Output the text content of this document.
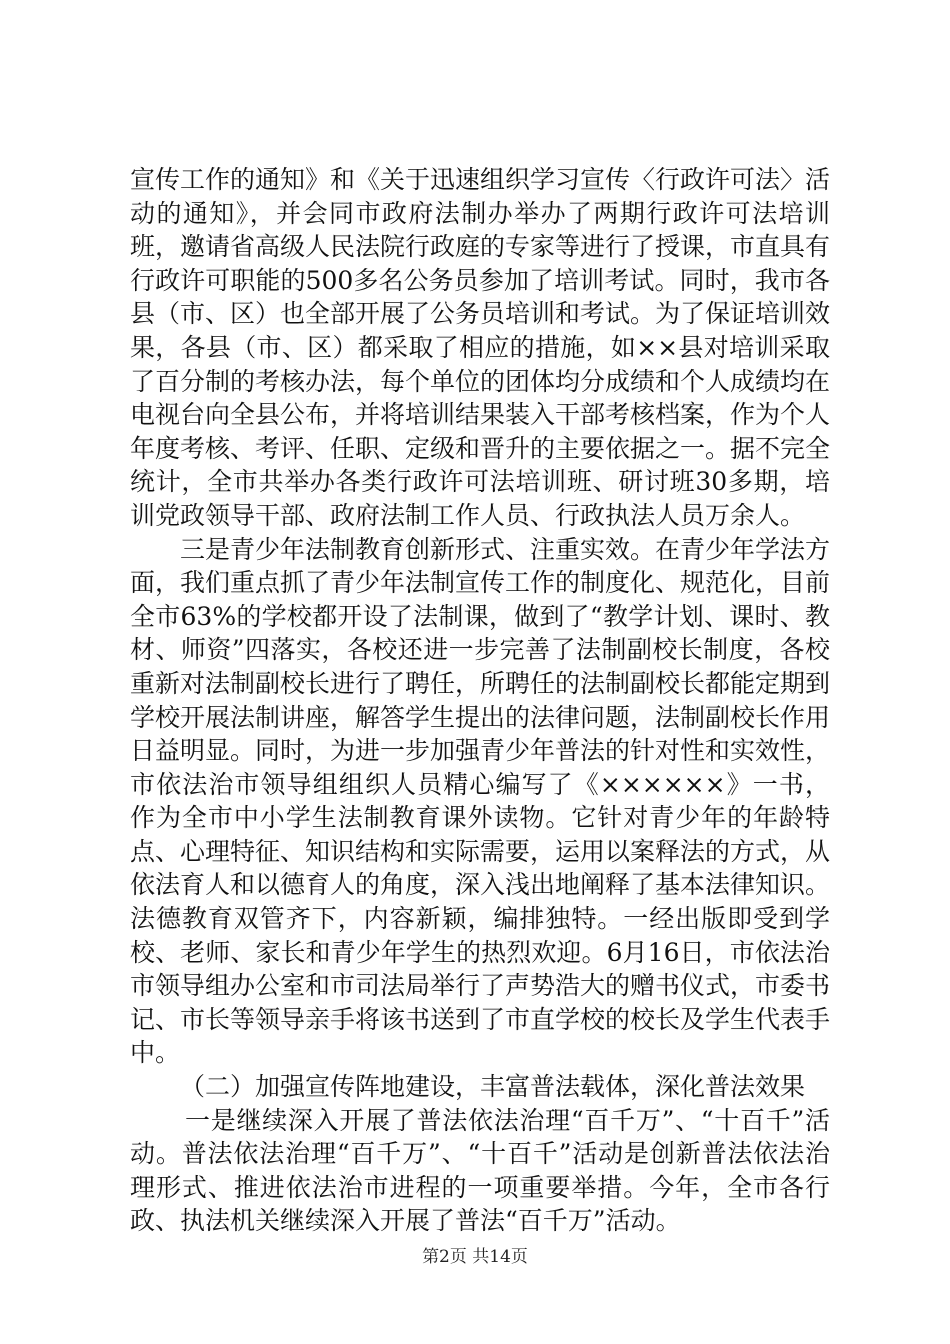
宣传工作的通知》和《关于迅速组织学习宣传〈行政许可法〉活动的通知》，并会同市政府法制办举办了两期行政许可法培训班，邀请省高级人民法院行政庭的专家等进行了授课，市直具有行政许可职能的500多名公务员参加了培训考试。同时，我市各县（市、区）也全部开展了公务员培训和考试。为了保证培训效果，各县（市、区）都采取了相应的措施，如××县对培训采取了百分制的考核办法，每个单位的团体均分成绩和个人成绩均在电视台向全县公布，并将培训结果装入干部考核档案，作为个人年度考核、考评、任职、定级和晋升的主要依据之一。据不完全统计，全市共举办各类行政许可法培训班、研讨班30多期，培训党政领导干部、政府法制工作人员、行政执法人员万余人。

三是青少年法制教育创新形式、注重实效。在青少年学法方面，我们重点抓了青少年法制宣传工作的制度化、规范化，目前全市63%的学校都开设了法制课，做到了“教学计划、课时、教材、师资”四落实，各校还进一步完善了法制副校长制度，各校重新对法制副校长进行了聘任，所聘任的法制副校长都能定期到学校开展法制讲座，解答学生提出的法律问题，法制副校长作用日益明显。同时，为进一步加强青少年普法的针对性和实效性，市依法治市领导组组织人员精心编写了《××××××》一书，作为全市中小学生法制教育课外读物。它针对青少年的年龄特点、心理特征、知识结构和实际需要，运用以案释法的方式，从依法育人和以德育人的角度，深入浅出地阐释了基本法律知识。法德教育双管齐下，内容新颖，编排独特。一经出版即受到学校、老师、家长和青少年学生的热烈欢迎。6月16日，市依法治市领导组办公室和市司法局举行了声势浩大的赠书仪式，市委书记、市长等领导亲手将该书送到了市直学校的校长及学生代表手中。

（二）加强宣传阵地建设，丰富普法载体，深化普法效果

一是继续深入开展了普法依法治理“百千万”、“十百千”活动。普法依法治理“百千万”、“十百千”活动是创新普法依法治理形式、推进依法治市进程的一项重要举措。今年，全市各行政、执法机关继续深入开展了普法“百千万”活动。

第2页 共14页
